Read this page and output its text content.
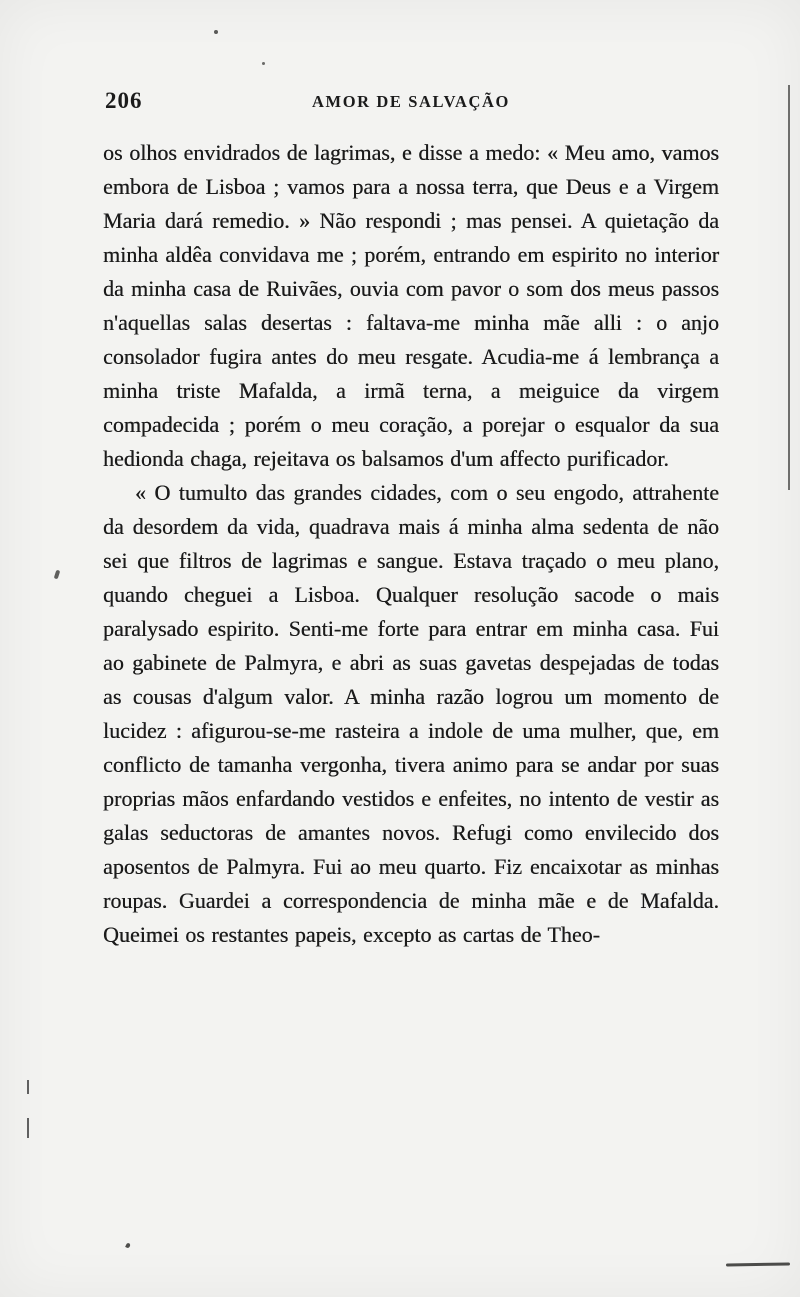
206	AMOR DE SALVAÇÃO

os olhos envidrados de lagrimas, e disse a medo: « Meu amo, vamos embora de Lisboa ; vamos para a nossa terra, que Deus e a Virgem Maria dará remedio. » Não respondi ; mas pensei. A quietação da minha aldêa convidava me ; porém, entrando em espirito no interior da minha casa de Ruivães, ouvia com pavor o som dos meus passos n'aquellas salas desertas : faltava-me minha mãe alli : o anjo consolador fugira antes do meu resgate. Acudia-me á lembrança a minha triste Mafalda, a irmã terna, a meiguice da virgem compadecida ; porém o meu coração, a porejar o esqualor da sua hedionda chaga, rejeitava os balsamos d'um affecto purificador.

« O tumulto das grandes cidades, com o seu engodo, attrahente da desordem da vida, quadrava mais á minha alma sedenta de não sei que filtros de lagrimas e sangue. Estava traçado o meu plano, quando cheguei a Lisboa. Qualquer resolução sacode o mais paralysado espirito. Senti-me forte para entrar em minha casa. Fui ao gabinete de Palmyra, e abri as suas gavetas despejadas de todas as cousas d'algum valor. A minha razão logrou um momento de lucidez : afigurou-se-me rasteira a indole de uma mulher, que, em conflicto de tamanha vergonha, tivera animo para se andar por suas proprias mãos enfardando vestidos e enfeites, no intento de vestir as galas seductoras de amantes novos. Refugi como envilecido dos aposentos de Palmyra. Fui ao meu quarto. Fiz encaixotar as minhas roupas. Guardei a correspondencia de minha mãe e de Mafalda. Queimei os restantes papeis, excepto as cartas de Theo-
